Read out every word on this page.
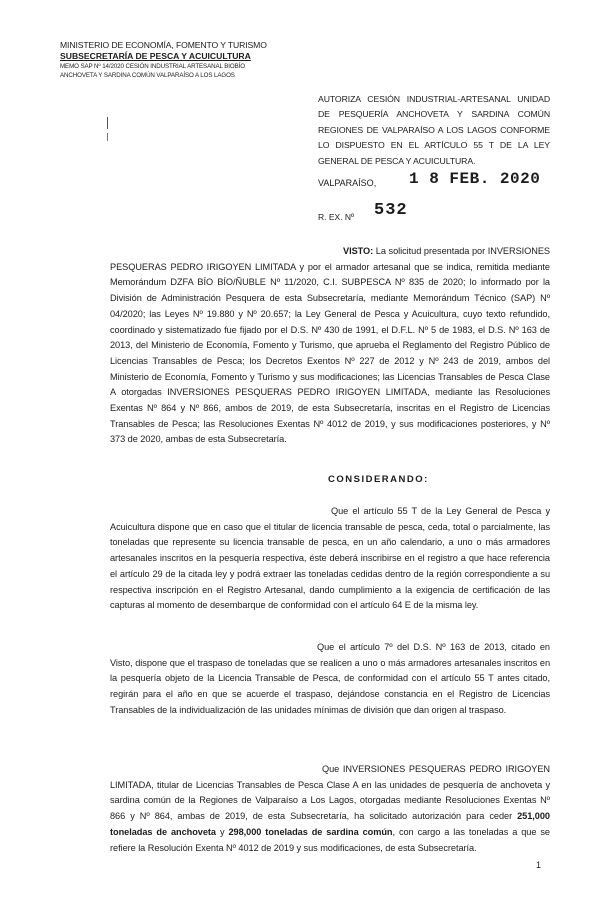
MINISTERIO DE ECONOMÍA, FOMENTO Y TURISMO
SUBSECRETARÍA DE PESCA Y ACUICULTURA
MEMO SAP Nº 14/2020 CESIÓN INDUSTRIAL ARTESANAL BIOBÍO
ANCHOVETA Y SARDINA COMÚN VALPARAÍSO A LOS LAGOS
AUTORIZA CESIÓN INDUSTRIAL-ARTESANAL UNIDAD DE PESQUERÍA ANCHOVETA Y SARDINA COMÚN REGIONES DE VALPARAÍSO A LOS LAGOS CONFORME LO DISPUESTO EN EL ARTÍCULO 55 T DE LA LEY GENERAL DE PESCA Y ACUICULTURA.
VALPARAÍSO, 1 8 FEB. 2020
R. EX. Nº 532
VISTO: La solicitud presentada por INVERSIONES PESQUERAS PEDRO IRIGOYEN LIMITADA y por el armador artesanal que se indica, remitida mediante Memorándum DZFA BÍO BÍO/ÑUBLE Nº 11/2020, C.I. SUBPESCA Nº 835 de 2020; lo informado por la División de Administración Pesquera de esta Subsecretaría, mediante Memorándum Técnico (SAP) Nº 04/2020; las Leyes Nº 19.880 y Nº 20.657; la Ley General de Pesca y Acuicultura, cuyo texto refundido, coordinado y sistematizado fue fijado por el D.S. Nº 430 de 1991, el D.F.L. Nº 5 de 1983, el D.S. Nº 163 de 2013, del Ministerio de Economía, Fomento y Turismo, que aprueba el Reglamento del Registro Público de Licencias Transables de Pesca; los Decretos Exentos Nº 227 de 2012 y Nº 243 de 2019, ambos del Ministerio de Economía, Fomento y Turismo y sus modificaciones; las Licencias Transables de Pesca Clase A otorgadas INVERSIONES PESQUERAS PEDRO IRIGOYEN LIMITADA, mediante las Resoluciones Exentas Nº 864 y Nº 866, ambos de 2019, de esta Subsecretaría, inscritas en el Registro de Licencias Transables de Pesca; las Resoluciones Exentas Nº 4012 de 2019, y sus modificaciones posteriores, y Nº 373 de 2020, ambas de esta Subsecretaría.
CONSIDERANDO:
Que el artículo 55 T de la Ley General de Pesca y Acuicultura dispone que en caso que el titular de licencia transable de pesca, ceda, total o parcialmente, las toneladas que represente su licencia transable de pesca, en un año calendario, a uno o más armadores artesanales inscritos en la pesquería respectiva, éste deberá inscribirse en el registro a que hace referencia el artículo 29 de la citada ley y podrá extraer las toneladas cedidas dentro de la región correspondiente a su respectiva inscripción en el Registro Artesanal, dando cumplimiento a la exigencia de certificación de las capturas al momento de desembarque de conformidad con el artículo 64 E de la misma ley.
Que el artículo 7º del D.S. Nº 163 de 2013, citado en Visto, dispone que el traspaso de toneladas que se realicen a uno o más armadores artesanales inscritos en la pesquería objeto de la Licencia Transable de Pesca, de conformidad con el artículo 55 T antes citado, regirán para el año en que se acuerde el traspaso, dejándose constancia en el Registro de Licencias Transables de la individualización de las unidades mínimas de división que dan origen al traspaso.
Que INVERSIONES PESQUERAS PEDRO IRIGOYEN LIMITADA, titular de Licencias Transables de Pesca Clase A en las unidades de pesquería de anchoveta y sardina común de la Regiones de Valparaíso a Los Lagos, otorgadas mediante Resoluciones Exentas Nº 866 y Nº 864, ambas de 2019, de esta Subsecretaría, ha solicitado autorización para ceder 251,000 toneladas de anchoveta y 298,000 toneladas de sardina común, con cargo a las toneladas a que se refiere la Resolución Exenta Nº 4012 de 2019 y sus modificaciones, de esta Subsecretaría.
1
